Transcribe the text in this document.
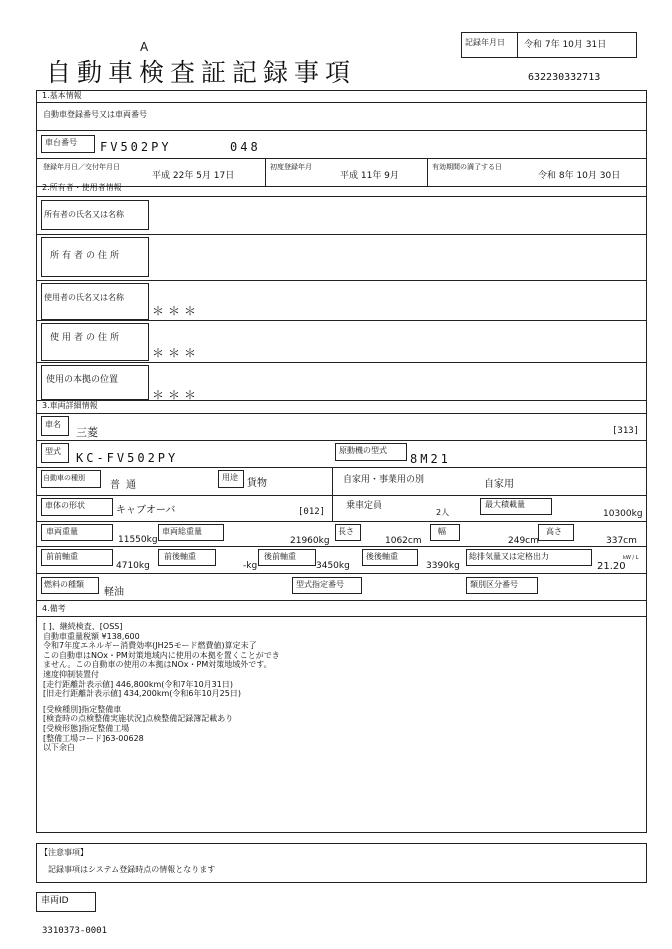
A
自動車検査証記録事項
記録年月日 令和 7年 10月 31日
632230332713
1.基本情報
自動車登録番号又は車両番号
車台番号 FV502PY	048
登録年月日／交付年月日
平成 22年 5月 17日
初度登録年月
平成 11年 9月
有効期間の満了する日
令和 8年 10月 30日
2.所有者・使用者情報
所有者の氏名又は名称
所有者の住所
使用者の氏名又は名称
＊＊＊
使用者の住所
＊＊＊
使用の本拠の位置
＊＊＊
3.車両詳細情報
車名
三菱	[313]
型式 KC-FV502PY
原動機の型式
8M21
自動車の種別
普通
用途
貨物	自家用・事業用の別	自家用
車体の形状	キャブオーバ	[012]
乗車定員
2人
最大積載量
10300kg
車両重量
11550kg
車両総重量
21960kg
長さ
1062cm
幅
249cm
高さ
337cm
前前軸重
4710kg
前後軸重
-kg
後前軸重
3450kg
後後軸重
3390kg
総排気量又は定格出力
21.20
kW / L
燃料の種類
軽油
型式指定番号	類別区分番号
4.備考
[ ]、継続検査、[OSS]
自動車重量税額 ¥138,600
令和7年度エネルギー消費効率(JH25モード燃費値)算定未了
この自動車はNOx・PM対策地域内に使用の本拠を置くことができ
ません。この自動車の使用の本拠はNOx・PM対策地域外です。
速度抑制装置付
[走行距離計表示値] 446,800km(令和7年10月31日)
[旧走行距離計表示値] 434,200km(令和6年10月25日)
[受検種別]指定整備車
[検査時の点検整備実施状況]点検整備記録簿記載あり
[受検形態]指定整備工場
[整備工場コード]63-00628
以下余白
【注意事項】
記録事項はシステム登録時点の情報となります
車両ID
3310373-0001
